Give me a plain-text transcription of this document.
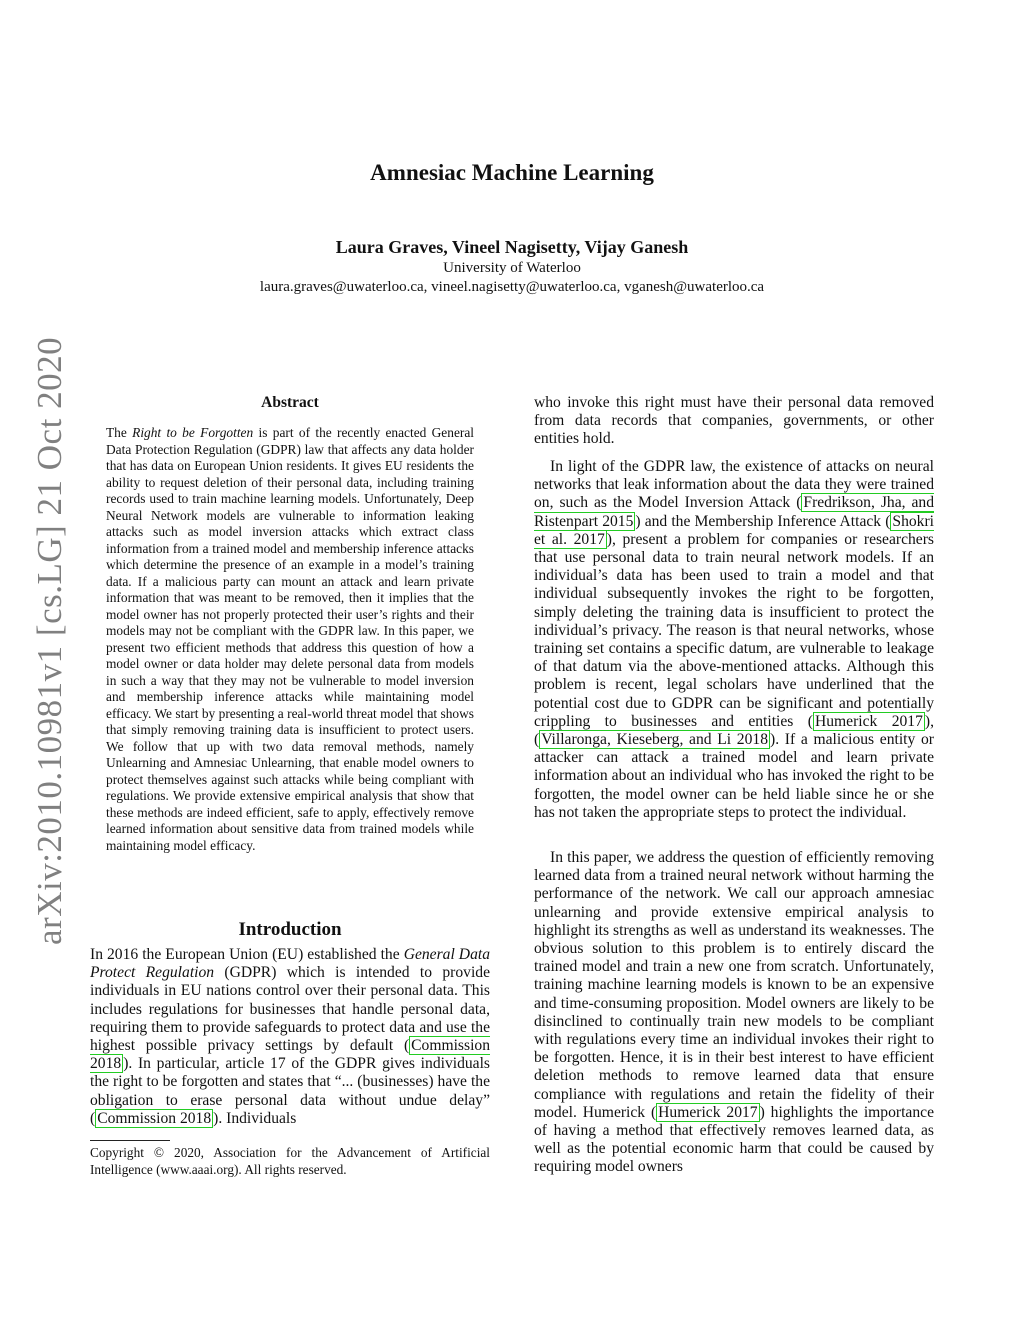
arXiv:2010.10981v1 [cs.LG] 21 Oct 2020
Amnesiac Machine Learning
Laura Graves, Vineel Nagisetty, Vijay Ganesh
University of Waterloo
laura.graves@uwaterloo.ca, vineel.nagisetty@uwaterloo.ca, vganesh@uwaterloo.ca
Abstract
The Right to be Forgotten is part of the recently enacted General Data Protection Regulation (GDPR) law that affects any data holder that has data on European Union residents. It gives EU residents the ability to request deletion of their personal data, including training records used to train machine learning models. Unfortunately, Deep Neural Network models are vulnerable to information leaking attacks such as model inversion attacks which extract class information from a trained model and membership inference attacks which determine the presence of an example in a model’s training data. If a malicious party can mount an attack and learn private information that was meant to be removed, then it implies that the model owner has not properly protected their user’s rights and their models may not be compliant with the GDPR law. In this paper, we present two efficient methods that address this question of how a model owner or data holder may delete personal data from models in such a way that they may not be vulnerable to model inversion and membership inference attacks while maintaining model efficacy. We start by presenting a real-world threat model that shows that simply removing training data is insufficient to protect users. We follow that up with two data removal methods, namely Unlearning and Amnesiac Unlearning, that enable model owners to protect themselves against such attacks while being compliant with regulations. We provide extensive empirical analysis that show that these methods are indeed efficient, safe to apply, effectively remove learned information about sensitive data from trained models while maintaining model efficacy.
Introduction
In 2016 the European Union (EU) established the General Data Protect Regulation (GDPR) which is intended to provide individuals in EU nations control over their personal data. This includes regulations for businesses that handle personal data, requiring them to provide safeguards to protect data and use the highest possible privacy settings by default ( Commission 2018 ). In particular, article 17 of the GDPR gives individuals the right to be forgotten and states that “... (businesses) have the obligation to erase personal data without undue delay” ( Commission 2018 ). Individuals
Copyright © 2020, Association for the Advancement of Artificial Intelligence (www.aaai.org). All rights reserved.

who invoke this right must have their personal data removed from data records that companies, governments, or other entities hold.

In light of the GDPR law, the existence of attacks on neural networks that leak information about the data they were trained on, such as the Model Inversion Attack ( Fredrikson, Jha, and Ristenpart 2015 ) and the Membership Inference Attack ( Shokri et al. 2017 ), present a problem for companies or researchers that use personal data to train neural network models. If an individual’s data has been used to train a model and that individual subsequently invokes the right to be forgotten, simply deleting the training data is insufficient to protect the individual’s privacy. The reason is that neural networks, whose training set contains a specific datum, are vulnerable to leakage of that datum via the above-mentioned attacks. Although this problem is recent, legal scholars have underlined that the potential cost due to GDPR can be significant and potentially crippling to businesses and entities ( Humerick 2017 ),( Villaronga, Kieseberg, and Li 2018 ). If a malicious entity or attacker can attack a trained model and learn private information about an individual who has invoked the right to be forgotten, the model owner can be held liable since he or she has not taken the appropriate steps to protect the individual.
In this paper, we address the question of efficiently removing learned data from a trained neural network without harming the performance of the network. We call our approach amnesiac unlearning and provide extensive empirical analysis to highlight its strengths as well as understand its weaknesses. The obvious solution to this problem is to entirely discard the trained model and train a new one from scratch. Unfortunately, training machine learning models is known to be an expensive and time-consuming proposition. Model owners are likely to be disinclined to continually train new models to be compliant with regulations every time an individual invokes their right to be forgotten. Hence, it is in their best interest to have efficient deletion methods to remove learned data that ensure compliance with regulations and retain the fidelity of their model. Humerick ( Humerick 2017 ) highlights the importance of having a method that effectively removes learned data, as well as the potential economic harm that could be caused by requiring model owners
